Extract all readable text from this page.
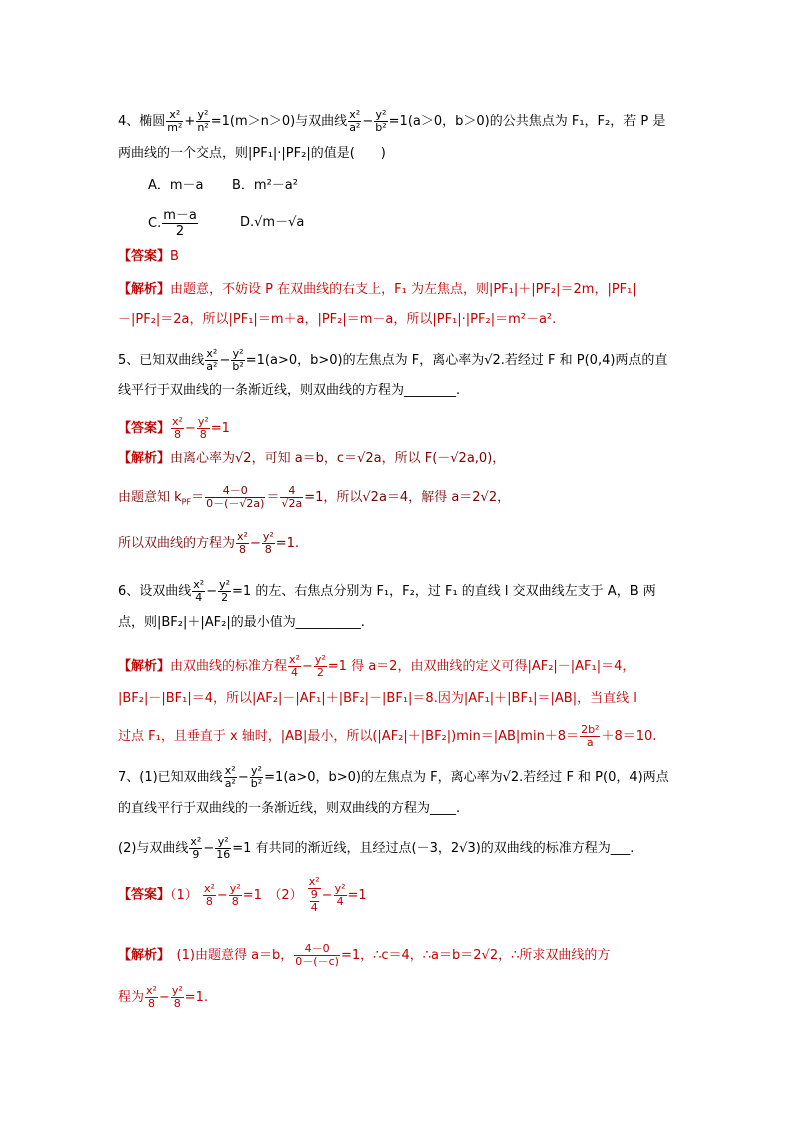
4、椭圆 $\frac{\text{x²}}{\text{m²}} + \frac{\text{y²}}{\text{n²}} =1(m>n>0)$与双曲线 $\frac{\text{x²}}{\text{a²}} - \frac{\text{y²}}{\text{b²}} =1(a>0$，b＞0)的公共焦点为 F₁，F₂，若 P 是
两曲线的一个交点，则|PF₁|·|PF₂|的值是(　　)
A．m－a B．m²－a²
C. $\frac{m-a}{2}$	D.√m－√a
【答案】B
【解析】由题意，不妨设 P 在双曲线的右支上，F₁ 为左焦点，则|PF₁|＋|PF₂|＝2m，|PF₁|
－|PF₂|＝2a，所以|PF₁|＝m＋a，|PF₂|＝m－a，所以|PF₁|·|PF₂|＝m²－a².
5、已知双曲线 $\frac{\text{x²}}{\text{a²}} - \frac{\text{y²}}{\text{b²}} =1(a>0$，b>0)的左焦点为 F，离心率为√2.若经过 F 和 P(0,4)两点的直
线平行于双曲线的一条渐近线，则双曲线的方程为________.
【答案】 $\frac{\text{x²}}{8} - \frac{\text{y²}}{8} =1$
【解析】由离心率为√2，可知 a＝b，c＝√2a，所以 F(－√2a,0)，
由题意知 $k_{PF}= \frac{4-0}{0-(-√2a)} = \frac{4}{√2a} =1$，所以√2a＝4，解得 a＝2√2，
所以双曲线的方程为 $\frac{\text{x²}}{8} - \frac{\text{y²}}{8} =1$.
6、设双曲线 $\frac{\text{x²}}{4} - \frac{\text{y²}}{2} =1$ 的左、右焦点分别为 F₁，F₂，过 F₁ 的直线 l 交双曲线左支于 A，B 两
点，则|BF₂|＋|AF₂|的最小值为__________.
【解析】由双曲线的标准方程 $\frac{\text{x²}}{4} - \frac{\text{y²}}{2} =1$ 得 a＝2，由双曲线的定义可得|AF₂|－|AF₁|＝4，
|BF₂|－|BF₁|＝4，所以|AF₂|－|AF₁|＋|BF₂|－|BF₁|＝8.因为|AF₁|＋|BF₁|＝|AB|，当直线 l
过点 F₁，且垂直于 x 轴时，|AB|最小，所以$(|AF_2|+|BF_2|)\min=|AB|\min+8= \frac{\text{2b²}}{a} +8=10$.
7、(1)已知双曲线 $\frac{\text{x²}}{\text{a²}} - \frac{\text{y²}}{\text{b²}} =1(a>0$，b>0)的左焦点为 F，离心率为√2.若经过 F 和 P(0，4)两点
的直线平行于双曲线的一条渐近线，则双曲线的方程为____.
(2)与双曲线 $\frac{\text{x²}}{9} - \frac{\text{y²}}{16} =1$ 有共同的渐近线，且经过点(－3，2√3)的双曲线的标准方程为___.
【答案】$(1) \frac{\text{x²}}{8} - \frac{\text{y²}}{8} =1$　$(2) \frac{\text{x²}}{\frac{9}{4}} - \frac{\text{y²}}{4} =1$
【解析】　 (1)由题意得 a＝b， $\frac{4-0}{0-(-c)} =1$，∴c＝4，∴a＝b＝2√2，∴所求双曲线的方
程为 $\frac{\text{x²}}{8} - \frac{\text{y²}}{8} =1$.
